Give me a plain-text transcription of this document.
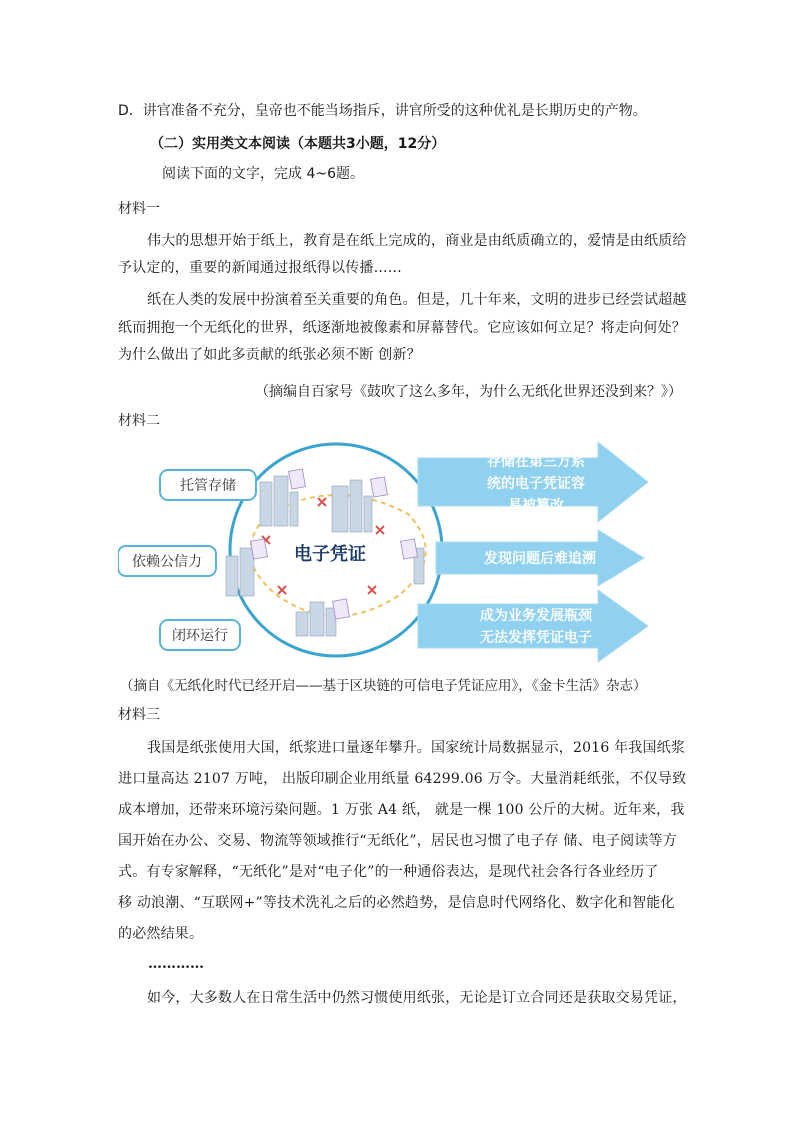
D．讲官准备不充分，皇帝也不能当场指斥，讲官所受的这种优礼是长期历史的产物。

（二）实用类文本阅读（本题共3小题，12分）

阅读下面的文字，完成 4~6题。

材料一

伟大的思想开始于纸上，教育是在纸上完成的，商业是由纸质确立的，爱情是由纸质给

予认定的，重要的新闻通过报纸得以传播……

纸在人类的发展中扮演着至关重要的角色。但是，几十年来，文明的进步已经尝试超越

纸而拥抱一个无纸化的世界，纸逐渐地被像素和屏幕替代。它应该如何立足？将走向何处？

为什么做出了如此多贡献的纸张必须不断 创新？

（摘编自百家号《鼓吹了这么多年，为什么无纸化世界还没到来？》）

材料二

电子凭证
托管存储
依赖公信力
闭环运行
存储在第三方系
统的电子凭证容
易被篡改
发现问题后难追溯
成为业务发展瓶颈
无法发挥凭证电子

（摘自《无纸化时代已经开启——基于区块链的可信电子凭证应用》，《金卡生活》杂志）

材料三

我国是纸张使用大国，纸浆进口量逐年攀升。国家统计局数据显示，2016 年我国纸浆

进口量高达 2107 万吨， 出版印刷企业用纸量 64299.06 万令。大量消耗纸张，不仅导致

成本增加，还带来环境污染问题。1 万张 A4 纸， 就是一棵 100 公斤的大树。近年来，我

国开始在办公、交易、物流等领域推行“无纸化”，居民也习惯了电子存 储、电子阅读等方

式。有专家解释，“无纸化”是对“电子化”的一种通俗表达，是现代社会各行各业经历了

移 动浪潮、“互联网+”等技术洗礼之后的必然趋势，是信息时代网络化、数字化和智能化

的必然结果。

…………

如今，大多数人在日常生活中仍然习惯使用纸张，无论是订立合同还是获取交易凭证，
